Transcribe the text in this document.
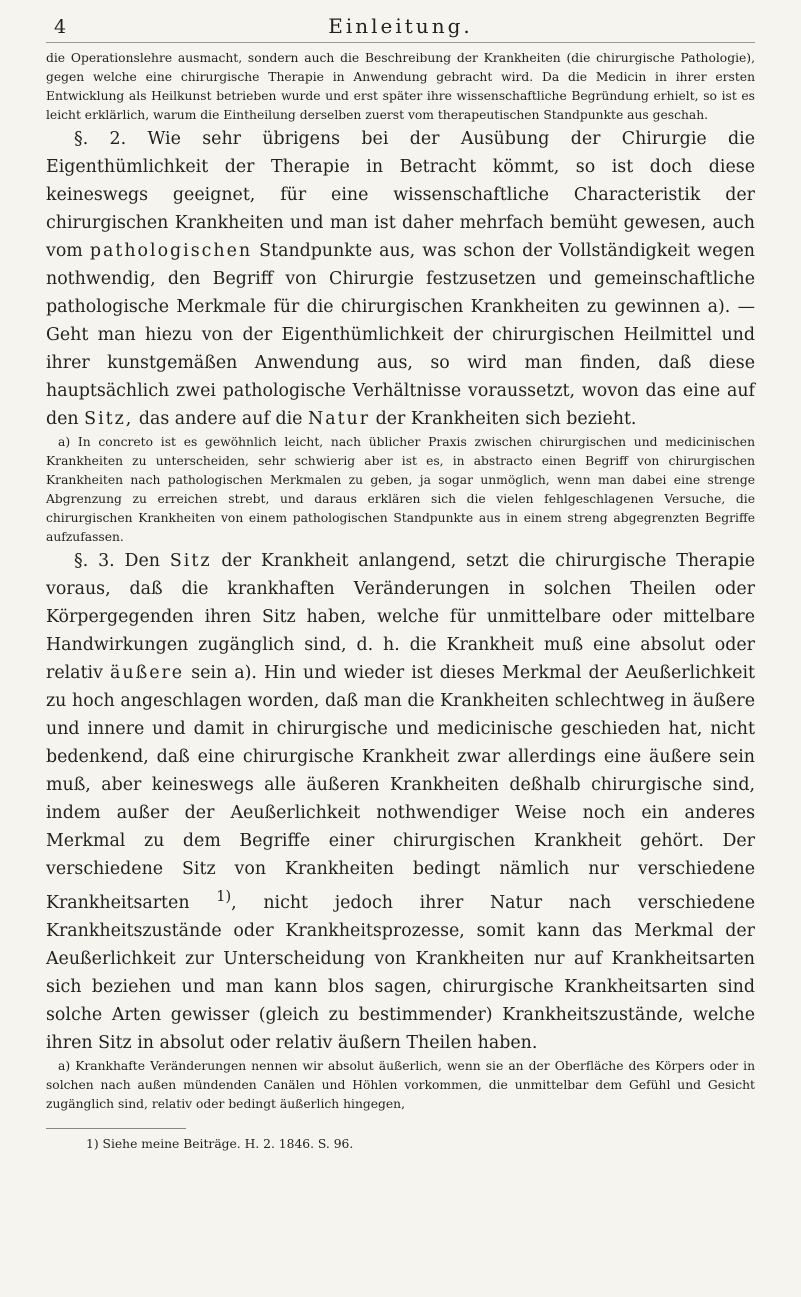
4	Einleitung.

die Operationslehre ausmacht, sondern auch die Beschreibung der Krankheiten (die chirurgische Pathologie), gegen welche eine chirurgische Therapie in Anwendung gebracht wird. Da die Medicin in ihrer ersten Entwicklung als Heilkunst betrieben wurde und erst später ihre wissenschaftliche Begründung erhielt, so ist es leicht erklärlich, warum die Eintheilung derselben zuerst vom therapeutischen Standpunkte aus geschah.

§. 2. Wie sehr übrigens bei der Ausübung der Chirurgie die Eigenthümlichkeit der Therapie in Betracht kömmt, so ist doch diese keineswegs geeignet, für eine wissenschaftliche Characteristik der chirurgischen Krankheiten und man ist daher mehrfach bemüht gewesen, auch vom pathologischen Standpunkte aus, was schon der Vollständigkeit wegen nothwendig, den Begriff von Chirurgie festzusetzen und gemeinschaftliche pathologische Merkmale für die chirurgischen Krankheiten zu gewinnen a). — Geht man hiezu von der Eigenthümlichkeit der chirurgischen Heilmittel und ihrer kunstgemäßen Anwendung aus, so wird man finden, daß diese hauptsächlich zwei pathologische Verhältnisse voraussetzt, wovon das eine auf den Sitz, das andere auf die Natur der Krankheiten sich bezieht.

a) In concreto ist es gewöhnlich leicht, nach üblicher Praxis zwischen chirurgischen und medicinischen Krankheiten zu unterscheiden, sehr schwierig aber ist es, in abstracto einen Begriff von chirurgischen Krankheiten nach pathologischen Merkmalen zu geben, ja sogar unmöglich, wenn man dabei eine strenge Abgrenzung zu erreichen strebt, und daraus erklären sich die vielen fehlgeschlagenen Versuche, die chirurgischen Krankheiten von einem pathologischen Standpunkte aus in einem streng abgegrenzten Begriffe aufzufassen.

§. 3. Den Sitz der Krankheit anlangend, setzt die chirurgische Therapie voraus, daß die krankhaften Veränderungen in solchen Theilen oder Körpergegenden ihren Sitz haben, welche für unmittelbare oder mittelbare Handwirkungen zugänglich sind, d. h. die Krankheit muß eine absolut oder relativ äußere sein a). Hin und wieder ist dieses Merkmal der Aeußerlichkeit zu hoch angeschlagen worden, daß man die Krankheiten schlechtweg in äußere und innere und damit in chirurgische und medicinische geschieden hat, nicht bedenkend, daß eine chirurgische Krankheit zwar allerdings eine äußere sein muß, aber keineswegs alle äußeren Krankheiten deßhalb chirurgische sind, indem außer der Aeußerlichkeit nothwendiger Weise noch ein anderes Merkmal zu dem Begriffe einer chirurgischen Krankheit gehört. Der verschiedene Sitz von Krankheiten bedingt nämlich nur verschiedene Krankheitsarten $^{1)}$, nicht jedoch ihrer Natur nach verschiedene Krankheitszustände oder Krankheitsprozesse, somit kann das Merkmal der Aeußerlichkeit zur Unterscheidung von Krankheiten nur auf Krankheitsarten sich beziehen und man kann blos sagen, chirurgische Krankheitsarten sind solche Arten gewisser (gleich zu bestimmender) Krankheitszustände, welche ihren Sitz in absolut oder relativ äußern Theilen haben.

a) Krankhafte Veränderungen nennen wir absolut äußerlich, wenn sie an der Oberfläche des Körpers oder in solchen nach außen mündenden Canälen und Höhlen vorkommen, die unmittelbar dem Gefühl und Gesicht zugänglich sind, relativ oder bedingt äußerlich hingegen,

1) Siehe meine Beiträge. H. 2. 1846. S. 96.
